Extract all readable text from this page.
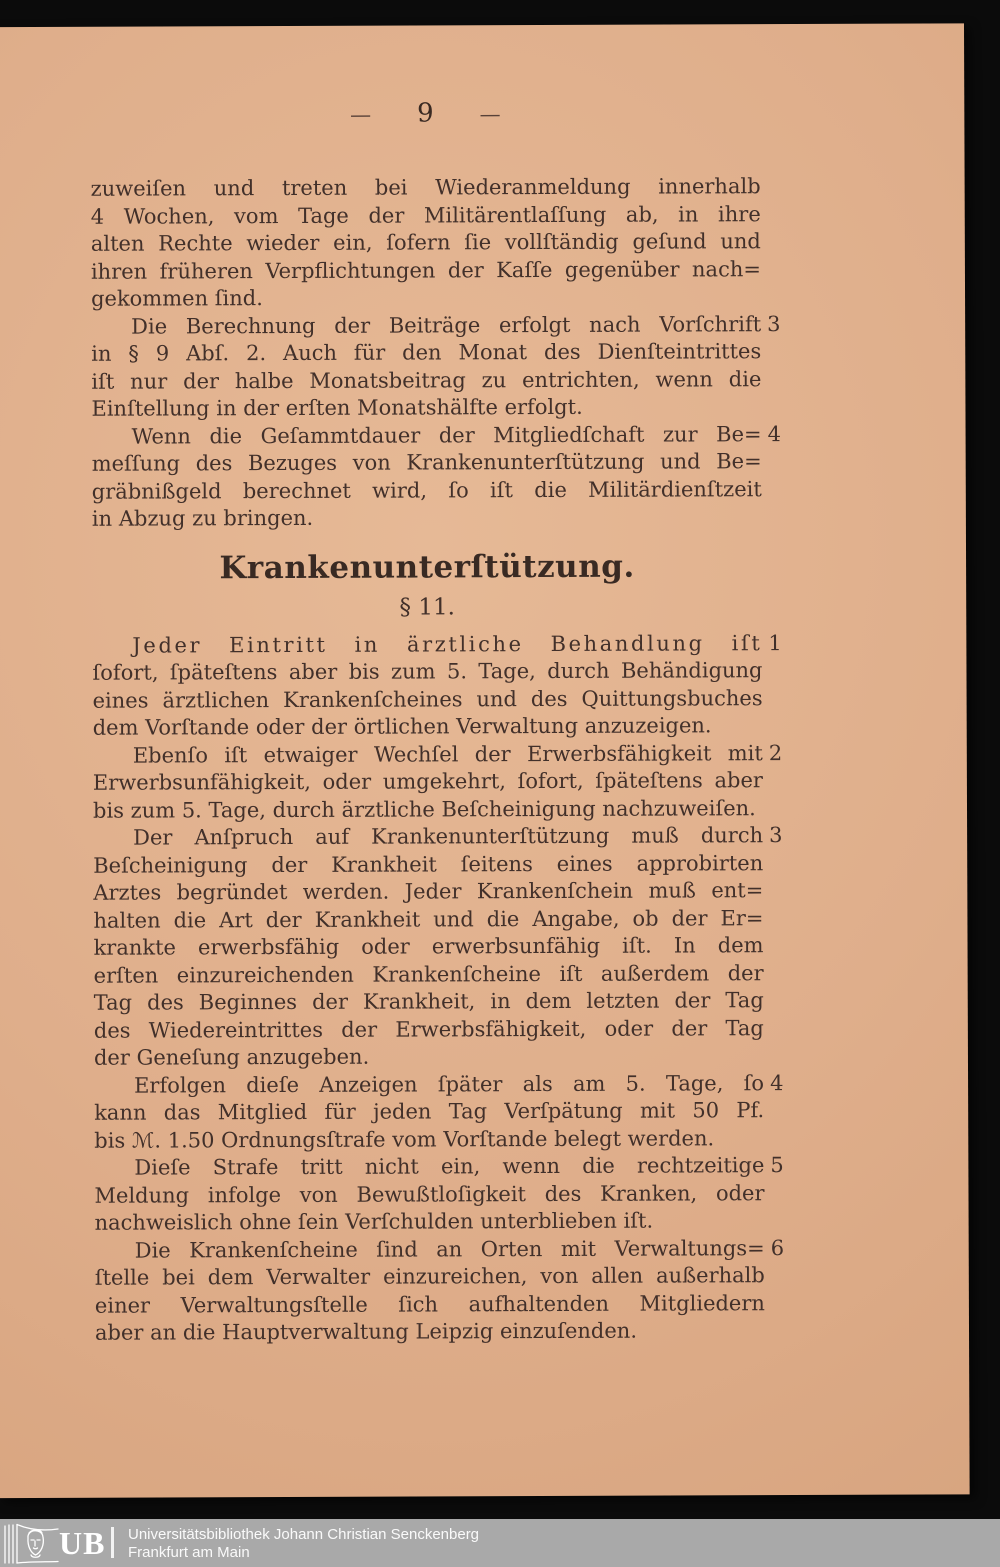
— 9 —
zuweiſen und treten bei Wiederanmeldung innerhalb
4 Wochen, vom Tage der Militärentlaſſung ab, in ihre
alten Rechte wieder ein, ſofern ſie vollſtändig geſund und
ihren früheren Verpflichtungen der Kaſſe gegenüber nach=
gekommen ſind.
3
Die Berechnung der Beiträge erfolgt nach Vorſchrift
in § 9 Abſ. 2. Auch für den Monat des Dienſteintrittes
iſt nur der halbe Monatsbeitrag zu entrichten, wenn die
Einſtellung in der erſten Monatshälfte erfolgt.
4
Wenn die Geſammtdauer der Mitgliedſchaft zur Be=
meſſung des Bezuges von Krankenunterſtützung und Be=
gräbnißgeld berechnet wird, ſo iſt die Militärdienſtzeit
in Abzug zu bringen.
Krankenunterſtützung.
§ 11.
1
Jeder Eintritt in ärztliche Behandlung iſt
ſofort, ſpäteſtens aber bis zum 5. Tage, durch Behändigung
eines ärztlichen Krankenſcheines und des Quittungsbuches
dem Vorſtande oder der örtlichen Verwaltung anzuzeigen.
2
Ebenſo iſt etwaiger Wechſel der Erwerbsfähigkeit mit
Erwerbsunfähigkeit, oder umgekehrt, ſofort, ſpäteſtens aber
bis zum 5. Tage, durch ärztliche Beſcheinigung nachzuweiſen.
3
Der Anſpruch auf Krankenunterſtützung muß durch
Beſcheinigung der Krankheit ſeitens eines approbirten
Arztes begründet werden. Jeder Krankenſchein muß ent=
halten die Art der Krankheit und die Angabe, ob der Er=
krankte erwerbsfähig oder erwerbsunfähig iſt. In dem
erſten einzureichenden Krankenſcheine iſt außerdem der
Tag des Beginnes der Krankheit, in dem letzten der Tag
des Wiedereintrittes der Erwerbsfähigkeit, oder der Tag
der Geneſung anzugeben.
4
Erfolgen dieſe Anzeigen ſpäter als am 5. Tage, ſo
kann das Mitglied für jeden Tag Verſpätung mit 50 Pf.
bis ℳ. 1.50 Ordnungsſtrafe vom Vorſtande belegt werden.
5
Dieſe Strafe tritt nicht ein, wenn die rechtzeitige
Meldung infolge von Bewußtloſigkeit des Kranken, oder
nachweislich ohne ſein Verſchulden unterblieben iſt.
6
Die Krankenſcheine ſind an Orten mit Verwaltungs=
ſtelle bei dem Verwalter einzureichen, von allen außerhalb
einer Verwaltungsſtelle ſich aufhaltenden Mitgliedern
aber an die Hauptverwaltung Leipzig einzuſenden.
UB Universitätsbibliothek Johann Christian Senckenberg
Frankfurt am Main
